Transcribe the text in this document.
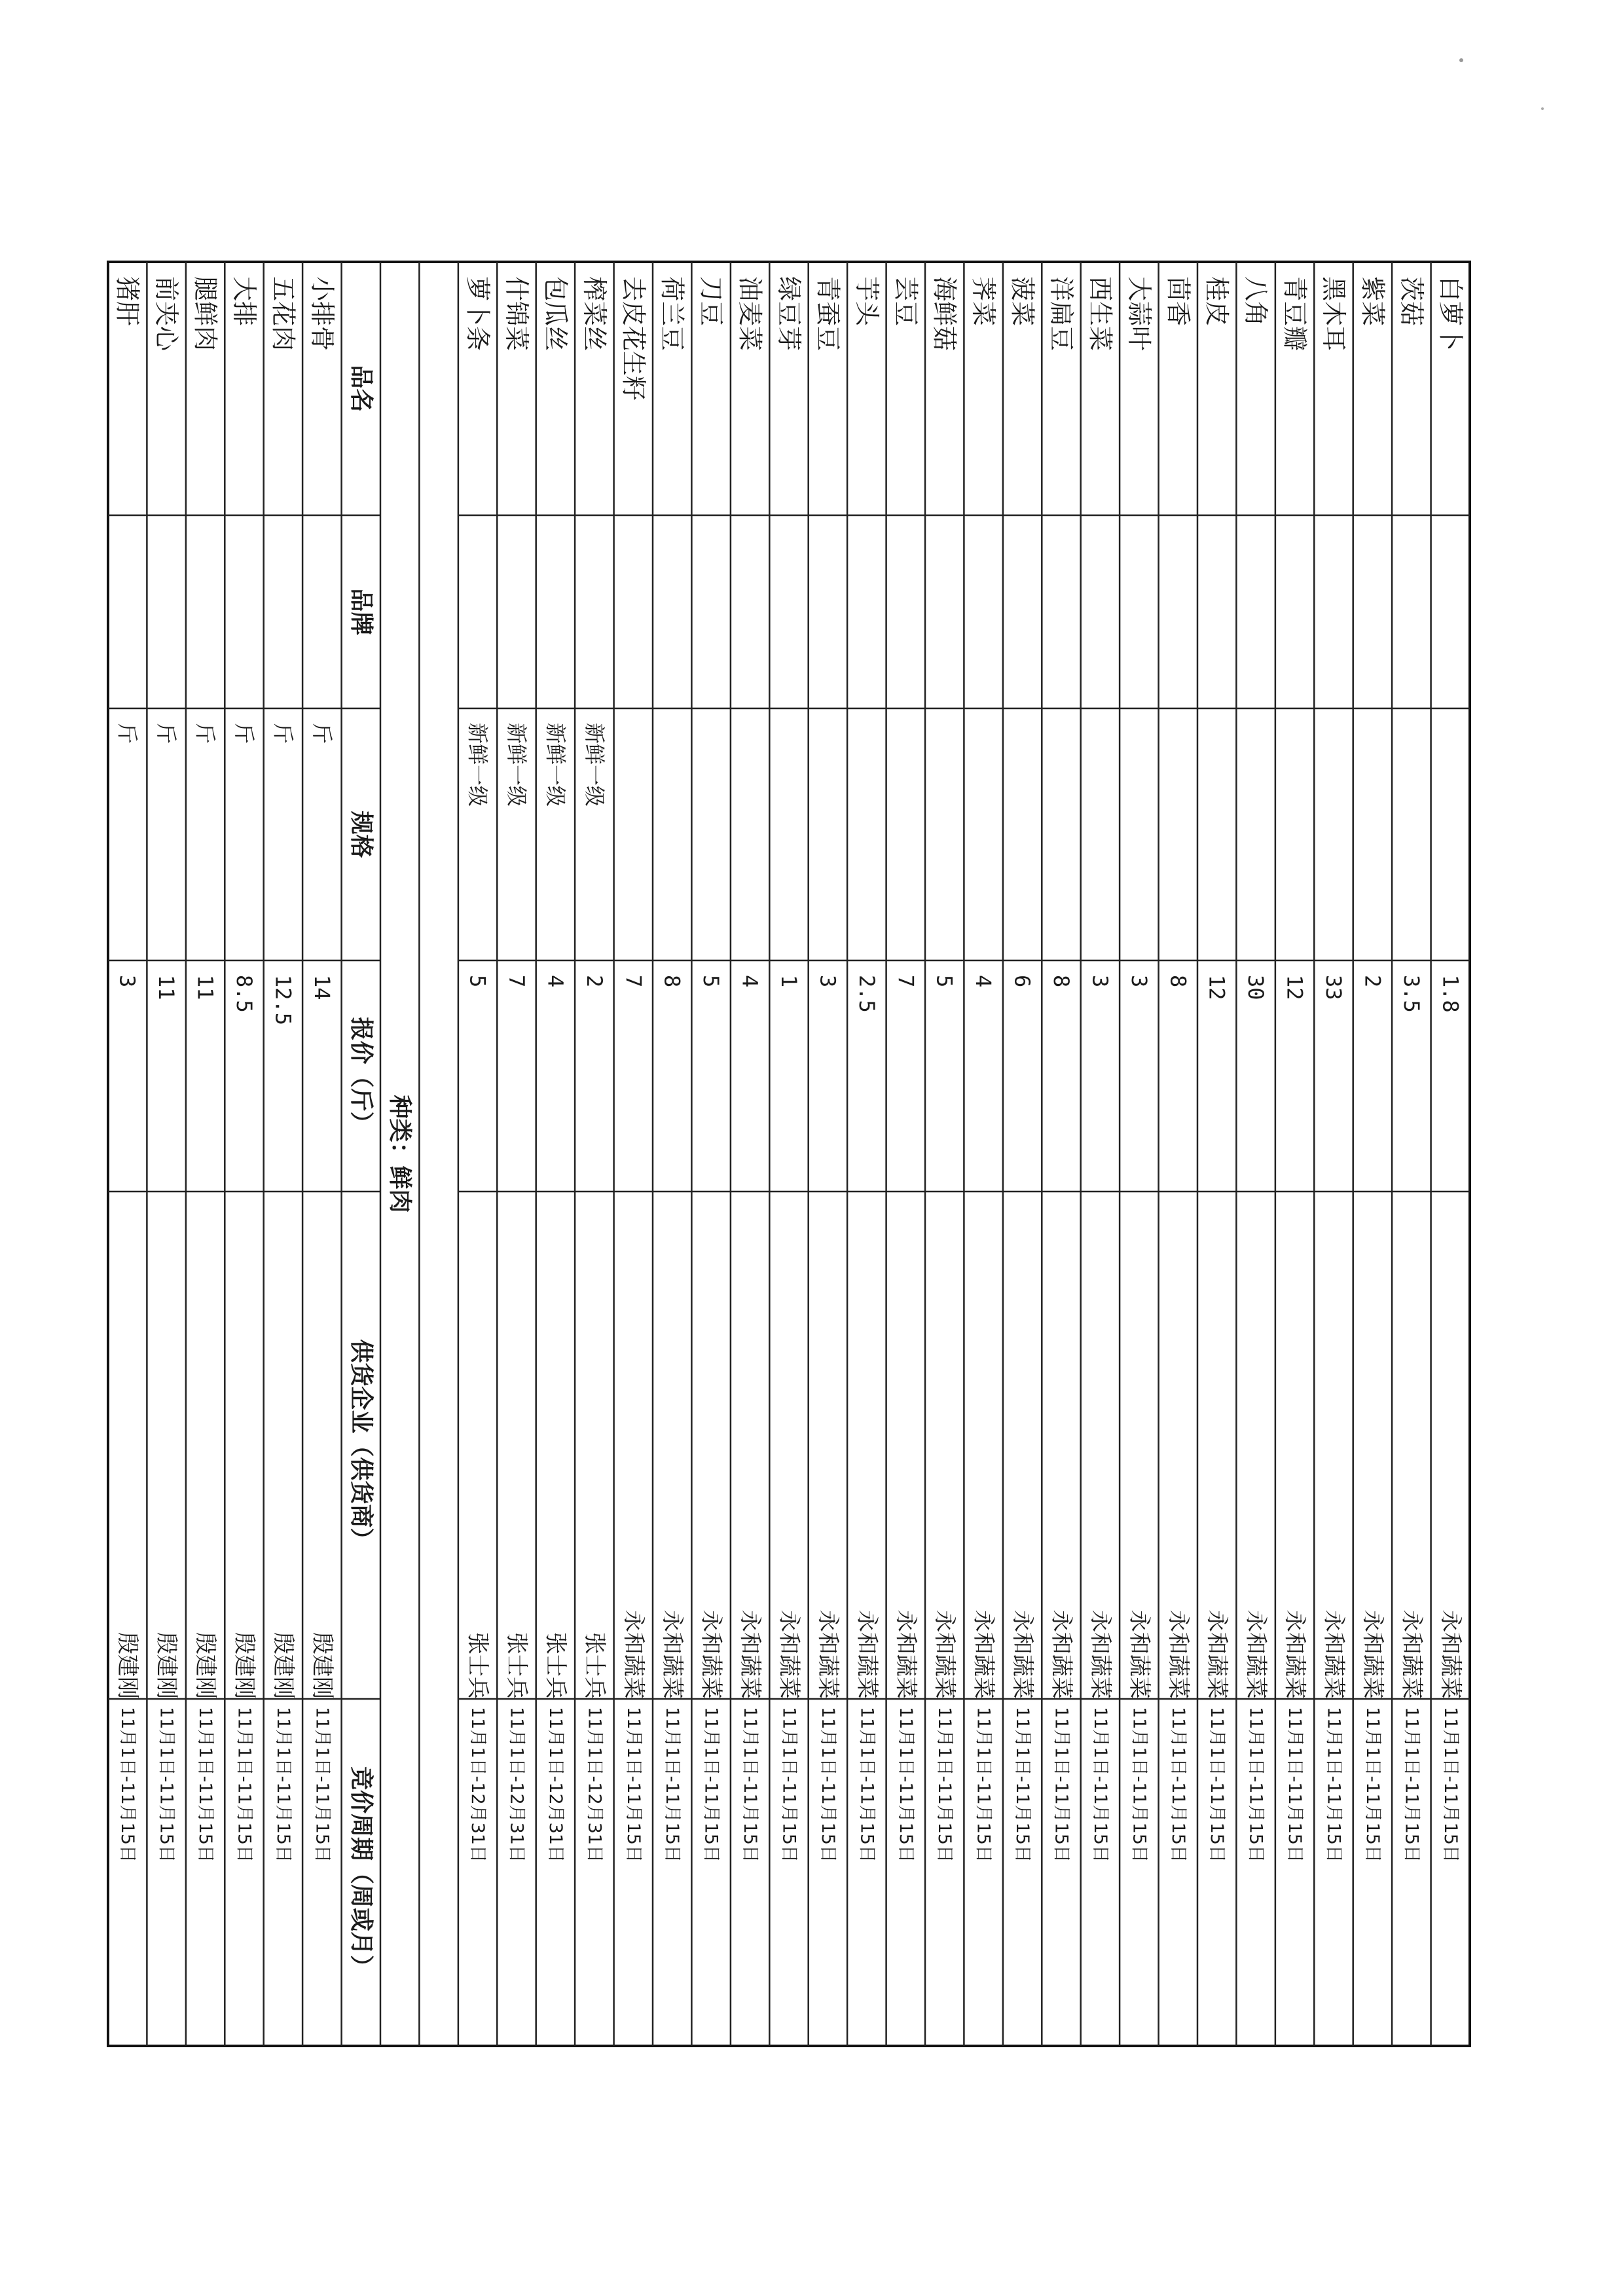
白萝卜
1.8
永和蔬菜
11月1日-11月15日
茨菇
3.5
永和蔬菜
11月1日-11月15日
紫菜
2
永和蔬菜
11月1日-11月15日
黑木耳
33
永和蔬菜
11月1日-11月15日
青豆瓣
12
永和蔬菜
11月1日-11月15日
八角
30
永和蔬菜
11月1日-11月15日
桂皮
12
永和蔬菜
11月1日-11月15日
茴香
8
永和蔬菜
11月1日-11月15日
大蒜叶
3
永和蔬菜
11月1日-11月15日
西生菜
3
永和蔬菜
11月1日-11月15日
洋扁豆
8
永和蔬菜
11月1日-11月15日
菠菜
6
永和蔬菜
11月1日-11月15日
荠菜
4
永和蔬菜
11月1日-11月15日
海鲜菇
5
永和蔬菜
11月1日-11月15日
芸豆
7
永和蔬菜
11月1日-11月15日
芋头
2.5
永和蔬菜
11月1日-11月15日
青蚕豆
3
永和蔬菜
11月1日-11月15日
绿豆芽
1
永和蔬菜
11月1日-11月15日
油麦菜
4
永和蔬菜
11月1日-11月15日
刀豆
5
永和蔬菜
11月1日-11月15日
荷兰豆
8
永和蔬菜
11月1日-11月15日
去皮花生籽
7
永和蔬菜
11月1日-11月15日
榨菜丝
新鲜一级
2
张士兵
11月1日-12月31日
包瓜丝
新鲜一级
4
张士兵
11月1日-12月31日
什锦菜
新鲜一级
7
张士兵
11月1日-12月31日
萝卜条
新鲜一级
5
张士兵
11月1日-12月31日
种类：鲜肉
品名
品牌
规格
报价（斤）
供货企业（供货商）
竞价周期（周或月）
小排骨
斤
14
殷建刚
11月1日-11月15日
五花肉
斤
12.5
殷建刚
11月1日-11月15日
大排
斤
8.5
殷建刚
11月1日-11月15日
腿鲜肉
斤
11
殷建刚
11月1日-11月15日
前夹心
斤
11
殷建刚
11月1日-11月15日
猪肝
斤
3
殷建刚
11月1日-11月15日
